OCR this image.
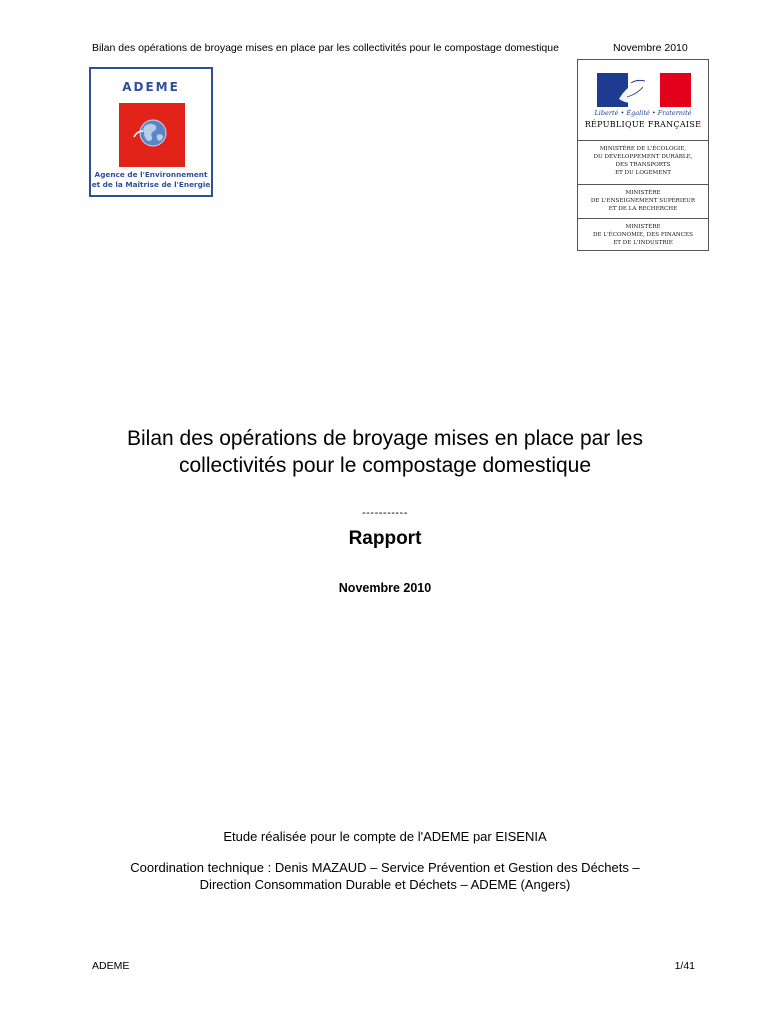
Bilan des opérations de broyage mises en place par les collectivités pour le compostage domestique	Novembre 2010
ADEME
Agence de l'Environnement
et de la Maîtrise de l'Energie
Liberté • Égalité • Fraternité
RÉPUBLIQUE FRANÇAISE
MINISTÈRE DE L'ÉCOLOGIE,
DU DÉVELOPPEMENT DURABLE,
DES TRANSPORTS
ET DU LOGEMENT
MINISTÈRE
DE L'ENSEIGNEMENT SUPÉRIEUR
ET DE LA RECHERCHE
MINISTÈRE
DE L'ÉCONOMIE, DES FINANCES
ET DE L'INDUSTRIE
Bilan des opérations de broyage mises en place par les
collectivités pour le compostage domestique
-----------
Rapport
Novembre 2010
Etude réalisée pour le compte de l'ADEME par EISENIA
Coordination technique : Denis MAZAUD – Service Prévention et Gestion des Déchets –
Direction Consommation Durable et Déchets – ADEME (Angers)
ADEME	1/41
